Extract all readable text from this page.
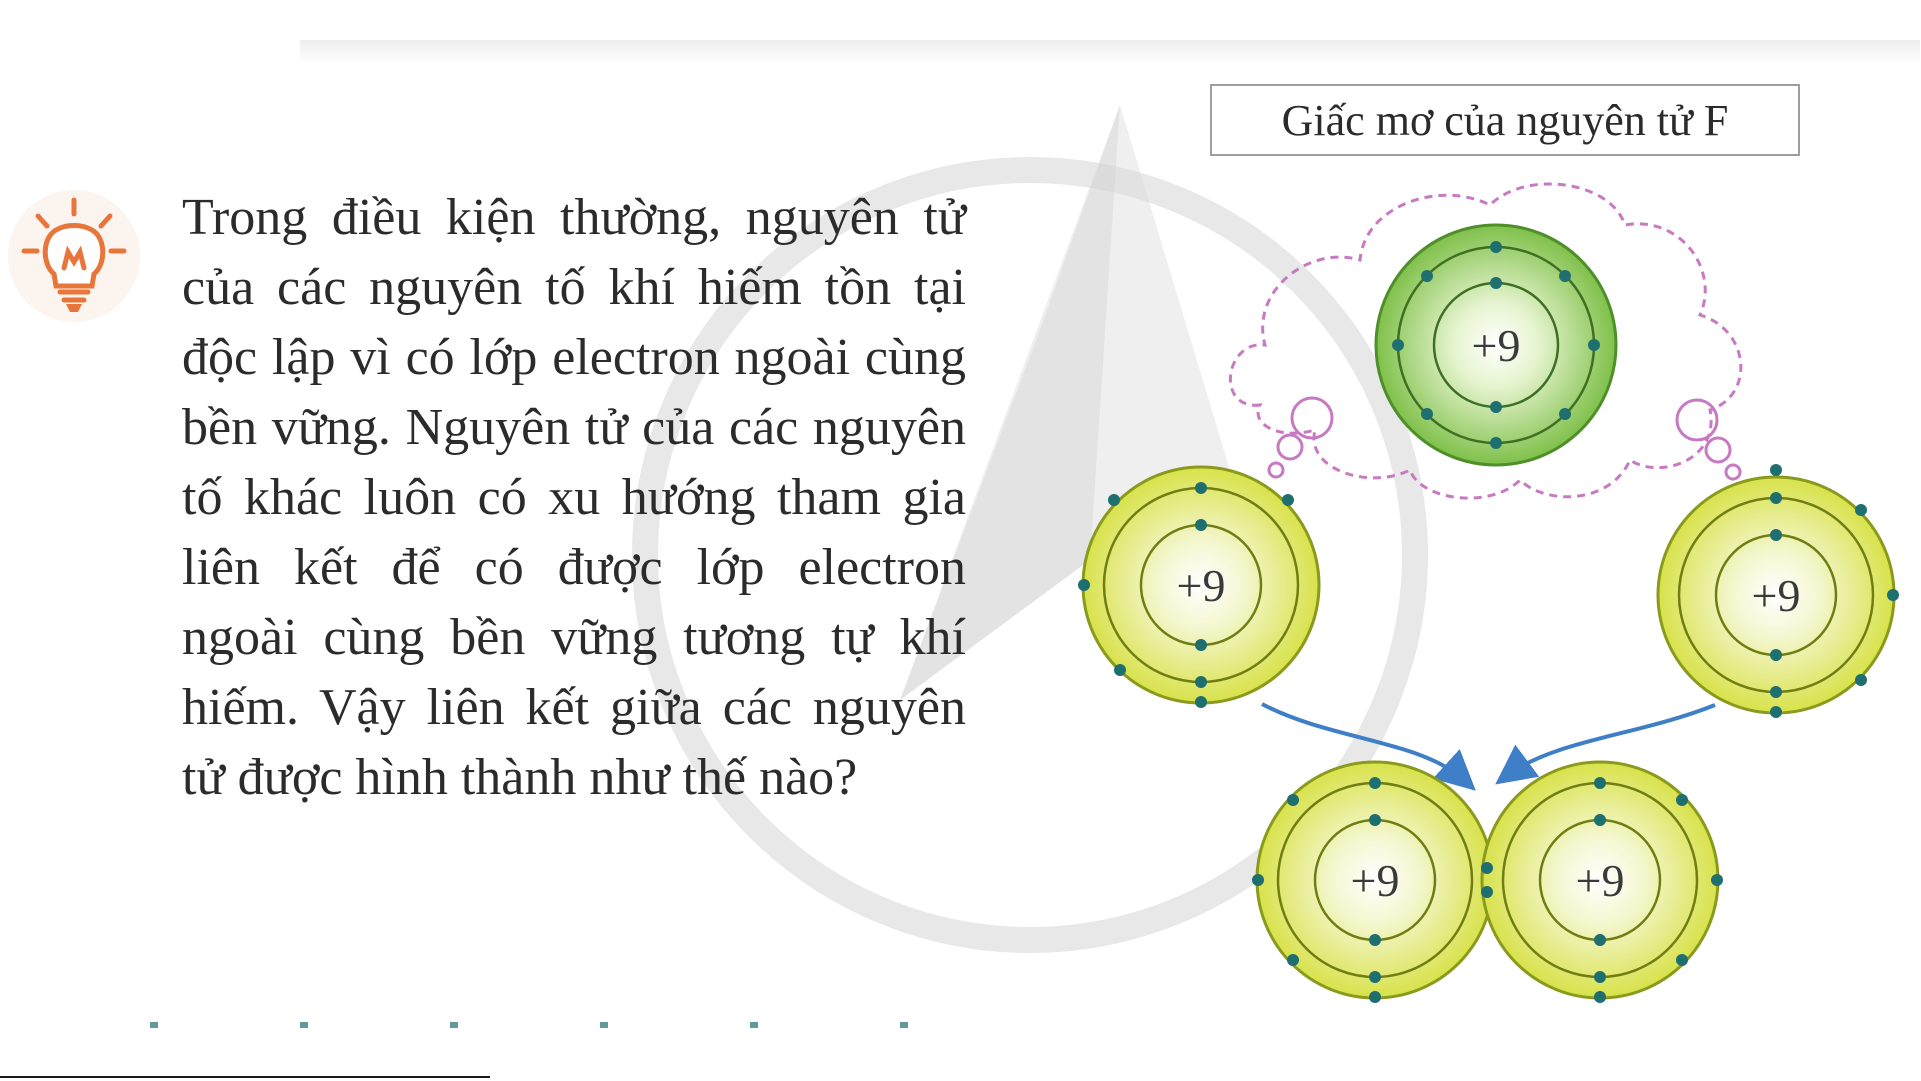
Trong điều kiện thường, nguyên tử của các nguyên tố khí hiếm tồn tại độc lập vì có lớp electron ngoài cùng bền vững. Nguyên tử của các nguyên tố khác luôn có xu hướng tham gia liên kết để có được lớp electron ngoài cùng bền vững tương tự khí hiếm. Vậy liên kết giữa các nguyên tử được hình thành như thế nào?

Giấc mơ của nguyên tử F
+9
+9	+9
+9	+9
